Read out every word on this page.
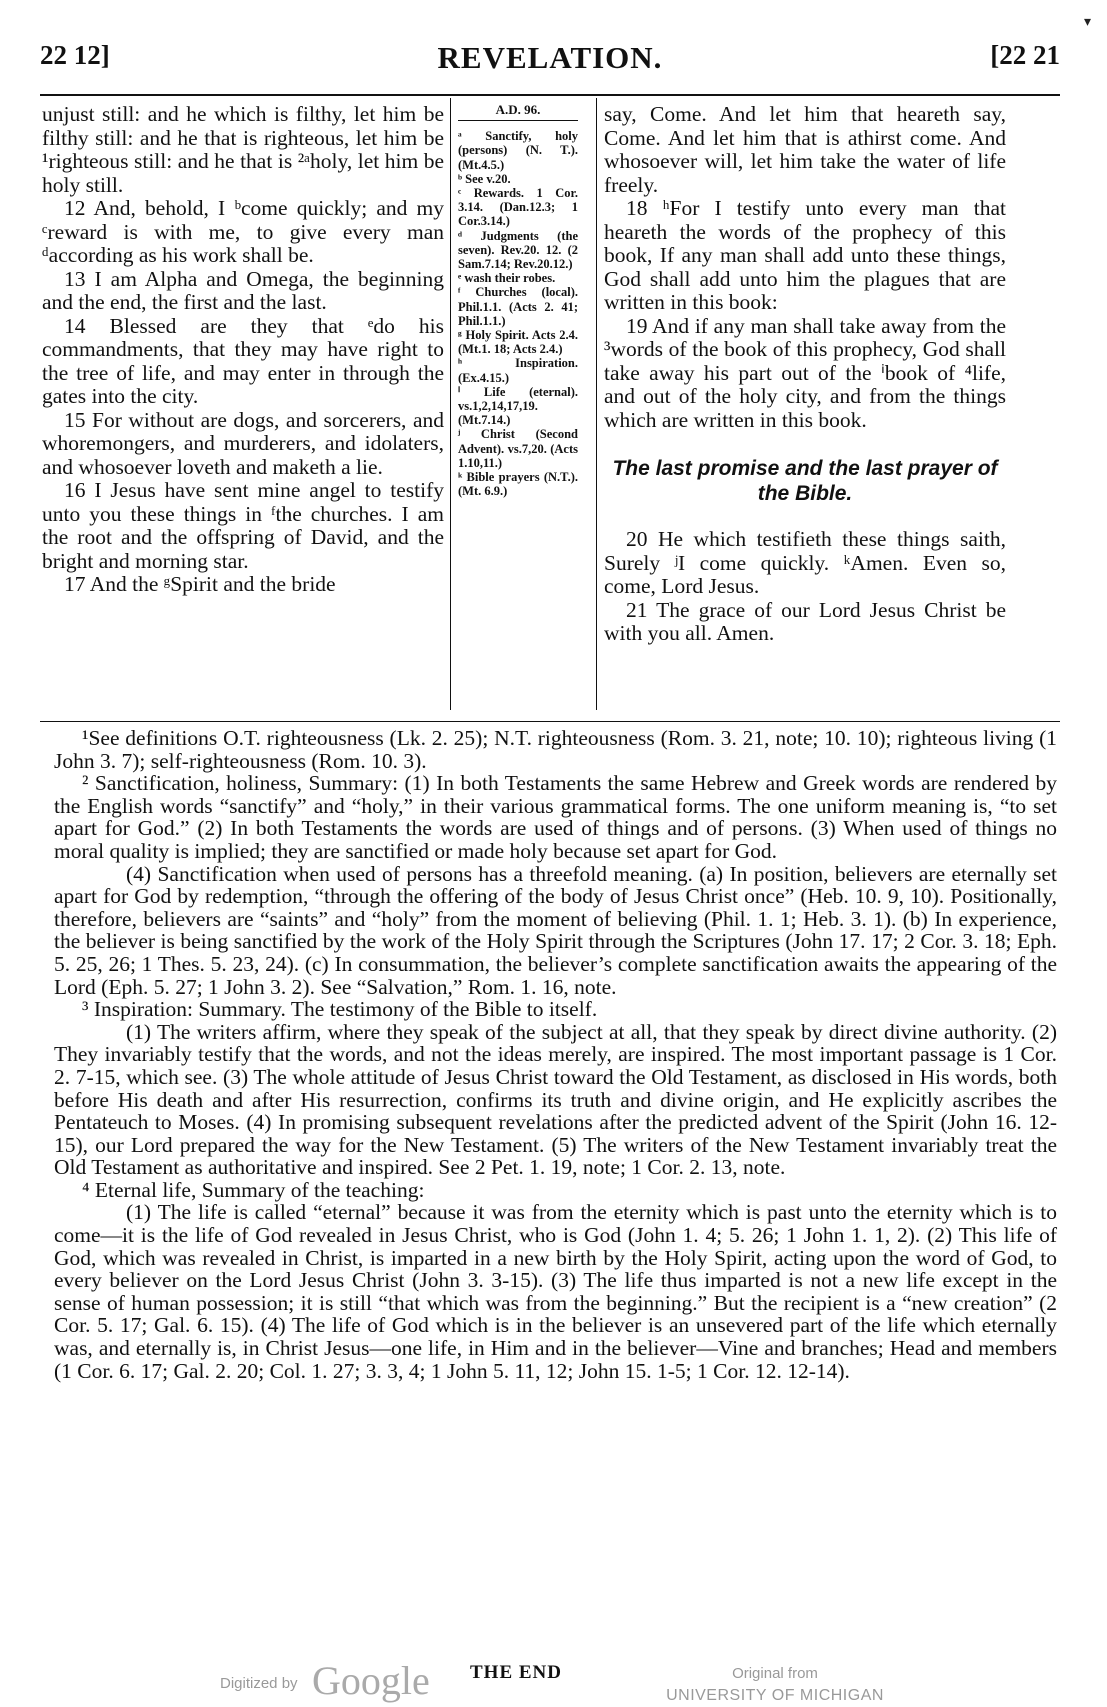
▾
22 12]	REVELATION.	[22 21

unjust still: and he which is filthy, let him be filthy still: and he that is righteous, let him be ¹righteous still: and he that is ²ᵃholy, let him be holy still.

12 And, behold, I ᵇcome quickly; and my ᶜreward is with me, to give every man ᵈaccording as his work shall be.

13 I am Alpha and Omega, the beginning and the end, the first and the last.

14 Blessed are they that ᵉdo his commandments, that they may have right to the tree of life, and may enter in through the gates into the city.

15 For without are dogs, and sorcerers, and whoremongers, and murderers, and idolaters, and whosoever loveth and maketh a lie.

16 I Jesus have sent mine angel to testify unto you these things in ᶠthe churches. I am the root and the offspring of David, and the bright and morning star.

17 And the ᵍSpirit and the bride

A.D. 96.

ᵃ Sanctify, holy (persons) (N. T.). (Mt.4.5.)

ᵇ See v.20.

ᶜ Rewards. 1 Cor. 3.14. (Dan.12.3; 1 Cor.3.14.)

ᵈ Judgments (the seven). Rev.20. 12. (2 Sam.7.14; Rev.20.12.)

ᵉ wash their robes.

ᶠ Churches (local). Phil.1.1. (Acts 2. 41; Phil.1.1.)

ᵍ Holy Spirit. Acts 2.4. (Mt.1. 18; Acts 2.4.)

ʰ Inspiration. (Ex.4.15.)

ⁱ Life (eternal). vs.1,2,14,17,19. (Mt.7.14.)

ʲ Christ (Second Advent). vs.7,20. (Acts 1.10,11.)

ᵏ Bible prayers (N.T.). (Mt. 6.9.)

say, Come. And let him that heareth say, Come. And let him that is athirst come. And whosoever will, let him take the water of life freely.

18 ʰFor I testify unto every man that heareth the words of the prophecy of this book, If any man shall add unto these things, God shall add unto him the plagues that are written in this book:

19 And if any man shall take away from the ³words of the book of this prophecy, God shall take away his part out of the ⁱbook of ⁴life, and out of the holy city, and from the things which are written in this book.

The last promise and the last prayer of the Bible.

20 He which testifieth these things saith, Surely ʲI come quickly. ᵏAmen. Even so, come, Lord Jesus.

21 The grace of our Lord Jesus Christ be with you all. Amen.

¹See definitions O.T. righteousness (Lk. 2. 25); N.T. righteousness (Rom. 3. 21, note; 10. 10); righteous living (1 John 3. 7); self-righteousness (Rom. 10. 3).

² Sanctification, holiness, Summary: (1) In both Testaments the same Hebrew and Greek words are rendered by the English words “sanctify” and “holy,” in their various grammatical forms. The one uniform meaning is, “to set apart for God.” (2) In both Testaments the words are used of things and of persons. (3) When used of things no moral quality is implied; they are sanctified or made holy because set apart for God.

(4) Sanctification when used of persons has a threefold meaning. (a) In position, believers are eternally set apart for God by redemption, “through the offering of the body of Jesus Christ once” (Heb. 10. 9, 10). Positionally, therefore, believers are “saints” and “holy” from the moment of believing (Phil. 1. 1; Heb. 3. 1). (b) In experience, the believer is being sanctified by the work of the Holy Spirit through the Scriptures (John 17. 17; 2 Cor. 3. 18; Eph. 5. 25, 26; 1 Thes. 5. 23, 24). (c) In consummation, the believer’s complete sanctification awaits the appearing of the Lord (Eph. 5. 27; 1 John 3. 2). See “Salvation,” Rom. 1. 16, note.

³ Inspiration: Summary. The testimony of the Bible to itself.

(1) The writers affirm, where they speak of the subject at all, that they speak by direct divine authority. (2) They invariably testify that the words, and not the ideas merely, are inspired. The most important passage is 1 Cor. 2. 7-15, which see. (3) The whole attitude of Jesus Christ toward the Old Testament, as disclosed in His words, both before His death and after His resurrection, confirms its truth and divine origin, and He explicitly ascribes the Pentateuch to Moses. (4) In promising subsequent revelations after the predicted advent of the Spirit (John 16. 12-15), our Lord prepared the way for the New Testament. (5) The writers of the New Testament invariably treat the Old Testament as authoritative and inspired. See 2 Pet. 1. 19, note; 1 Cor. 2. 13, note.

⁴ Eternal life, Summary of the teaching:

(1) The life is called “eternal” because it was from the eternity which is past unto the eternity which is to come—it is the life of God revealed in Jesus Christ, who is God (John 1. 4; 5. 26; 1 John 1. 1, 2). (2) This life of God, which was revealed in Christ, is imparted in a new birth by the Holy Spirit, acting upon the word of God, to every believer on the Lord Jesus Christ (John 3. 3-15). (3) The life thus imparted is not a new life except in the sense of human possession; it is still “that which was from the beginning.” But the recipient is a “new creation” (2 Cor. 5. 17; Gal. 6. 15). (4) The life of God which is in the believer is an unsevered part of the life which eternally was, and eternally is, in Christ Jesus—one life, in Him and in the believer—Vine and branches; Head and members (1 Cor. 6. 17; Gal. 2. 20; Col. 1. 27; 3. 3, 4; 1 John 5. 11, 12; John 15. 1-5; 1 Cor. 12. 12-14).

Digitized by Google THE END	Original from
UNIVERSITY OF MICHIGAN
